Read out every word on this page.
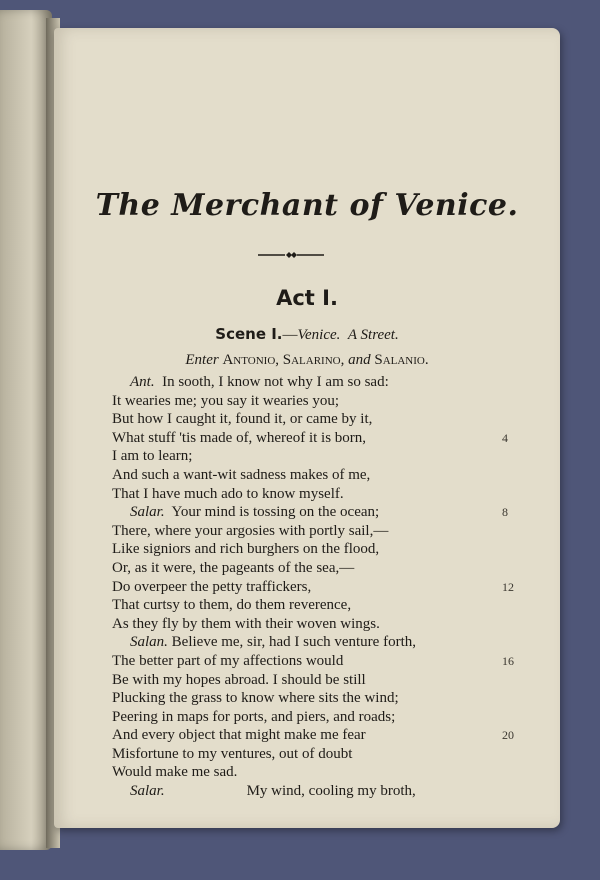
The Merchant of Venice.
Act I.
Scene I.—Venice. A Street.
Enter Antonio, Salarino, and Salanio.
Ant. In sooth, I know not why I am so sad:
It wearies me; you say it wearies you;
But how I caught it, found it, or came by it,
What stuff 'tis made of, whereof it is born,	4
I am to learn;
And such a want-wit sadness makes of me,
That I have much ado to know myself.
Salar. Your mind is tossing on the ocean;	8
There, where your argosies with portly sail,—
Like signiors and rich burghers on the flood,
Or, as it were, the pageants of the sea,—
Do overpeer the petty traffickers,	12
That curtsy to them, do them reverence,
As they fly by them with their woven wings.
Salan. Believe me, sir, had I such venture forth,
The better part of my affections would	16
Be with my hopes abroad. I should be still
Plucking the grass to know where sits the wind;
Peering in maps for ports, and piers, and roads;
And every object that might make me fear	20
Misfortune to my ventures, out of doubt
Would make me sad.
Salar.	My wind, cooling my broth,
